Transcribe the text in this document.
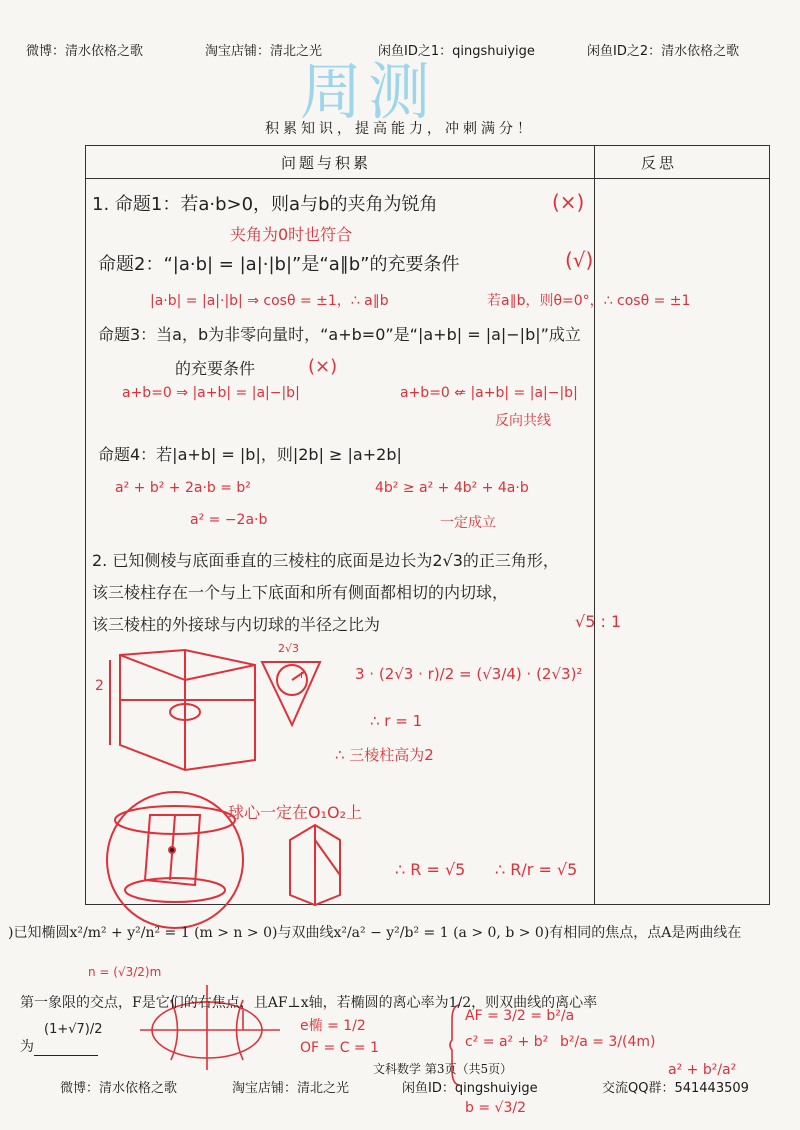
微博：清水依格之歌	淘宝店铺：清北之光	闲鱼ID之1：qingshuiyige	闲鱼ID之2：清水依格之歌
周测
积累知识，提高能力，冲刺满分！
问题与积累	反思
1. 命题1：若a·b>0，则a与b的夹角为锐角	(×)
夹角为0时也符合
命题2：“|a·b| = |a|·|b|”是“a∥b”的充要条件	(√)
|a·b| = |a|·|b| ⇒ cosθ = ±1，∴ a∥b	若a∥b，则θ=0°，∴ cosθ = ±1
命题3：当a，b为非零向量时，“a+b=0”是“|a+b| = |a|−|b|”成立
的充要条件	(×)
a+b=0 ⇒ |a+b| = |a|−|b|	a+b=0 ⇍ |a+b| = |a|−|b|
反向共线
命题4：若|a+b| = |b|，则|2b| ≥ |a+2b|
a² + b² + 2a·b = b²	4b² ≥ a² + 4b² + 4a·b
a² = −2a·b	一定成立
2. 已知侧棱与底面垂直的三棱柱的底面是边长为2√3的正三角形，
该三棱柱存在一个与上下底面和所有侧面都相切的内切球，
该三棱柱的外接球与内切球的半径之比为	√5 : 1
2
2√3
r	3 · (2√3 · r)/2 = (√3/4) · (2√3)²
∴ r = 1
∴ 三棱柱高为2
球心一定在O₁O₂上
∴ R = √5 ∴ R/r = √5
)已知椭圆x²/m² + y²/n² = 1 (m > n > 0)与双曲线x²/a² − y²/b² = 1 (a > 0, b > 0)有相同的焦点，点A是两曲线在
第一象限的交点，F是它们的右焦点，且AF⊥x轴，若椭圆的离心率为1/2，则双曲线的离心率
为
n = (√3/2)m
(1+√7)/2	e椭 = 1/2
OF = C = 1
AF = 3/2 = b²/a
c² = a² + b² b²/a = 3/(4m)
a² + b²/a²
b = √3/2
文科数学 第3页（共5页）
微博：清水依格之歌	淘宝店铺：清北之光	闲鱼ID：qingshuiyige	交流QQ群：541443509
